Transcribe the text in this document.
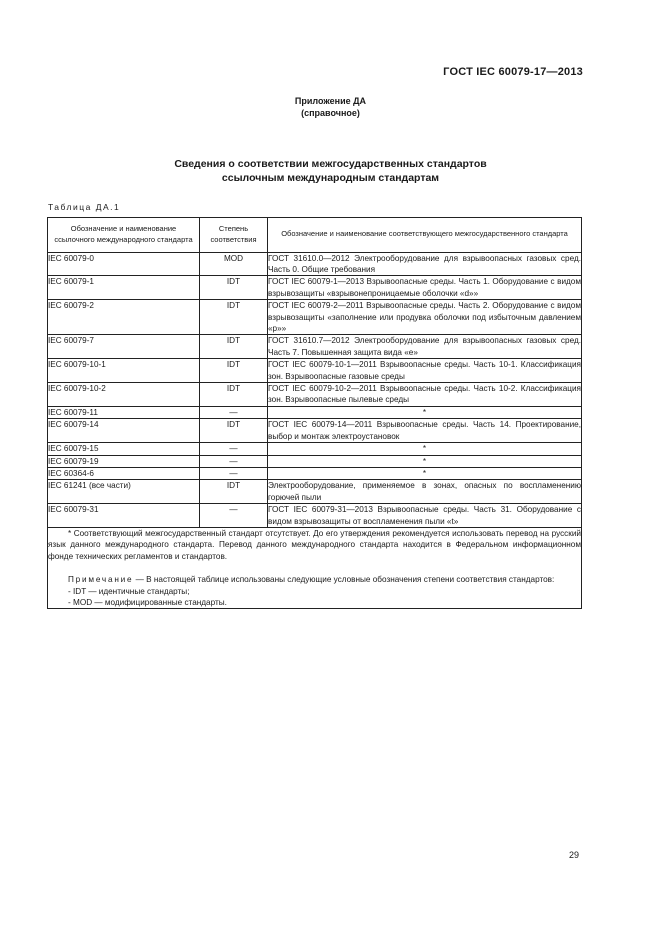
ГОСТ IEC 60079-17—2013
Приложение ДА
(справочное)
Сведения о соответствии межгосударственных стандартов
ссылочным международным стандартам
Таблица ДА.1
Обозначение и наименование ссылочного международного стандарта	Степень соответствия	Обозначение и наименование соответствующего межгосударственного стандарта
IEC 60079-0	MOD	ГОСТ 31610.0—2012 Электрооборудование для взрывоопасных газовых сред. Часть 0. Общие требования
IEC 60079-1	IDT	ГОСТ IEC 60079-1—2013 Взрывоопасные среды. Часть 1. Оборудование с видом взрывозащиты «взрывонепроницаемые оболочки «d»»
IEC 60079-2	IDT	ГОСТ IEC 60079-2—2011 Взрывоопасные среды. Часть 2. Оборудование с видом взрывозащиты «заполнение или продувка оболочки под избыточным давлением «p»»
IEC 60079-7	IDT	ГОСТ 31610.7—2012 Электрооборудование для взрывоопасных газовых сред. Часть 7. Повышенная защита вида «е»
IEC 60079-10-1	IDT	ГОСТ IEC 60079-10-1—2011 Взрывоопасные среды. Часть 10-1. Классификация зон. Взрывоопасные газовые среды
IEC 60079-10-2	IDT	ГОСТ IEC 60079-10-2—2011 Взрывоопасные среды. Часть 10-2. Классификация зон. Взрывоопасные пылевые среды
IEC 60079-11	—	*
IEC 60079-14	IDT	ГОСТ IEC 60079-14—2011 Взрывоопасные среды. Часть 14. Проектирование, выбор и монтаж электроустановок
IEC 60079-15	—	*
IEC 60079-19	—	*
IEC 60364-6	—	*
IEC 61241 (все части)	IDT	Электрооборудование, применяемое в зонах, опасных по воспламенению горючей пыли
IEC 60079-31	—	ГОСТ IEC 60079-31—2013 Взрывоопасные среды. Часть 31. Оборудование с видом взрывозащиты от воспламенения пыли «t»

* Соответствующий межгосударственный стандарт отсутствует. До его утверждения рекомендуется использовать перевод на русский язык данного международного стандарта. Перевод данного международного стандарта находится в Федеральном информационном фонде технических регламентов и стандартов.

Примечание — В настоящей таблице использованы следующие условные обозначения степени соответствия стандартов:

- IDT — идентичные стандарты;

- MOD — модифицированные стандарты.		

29
